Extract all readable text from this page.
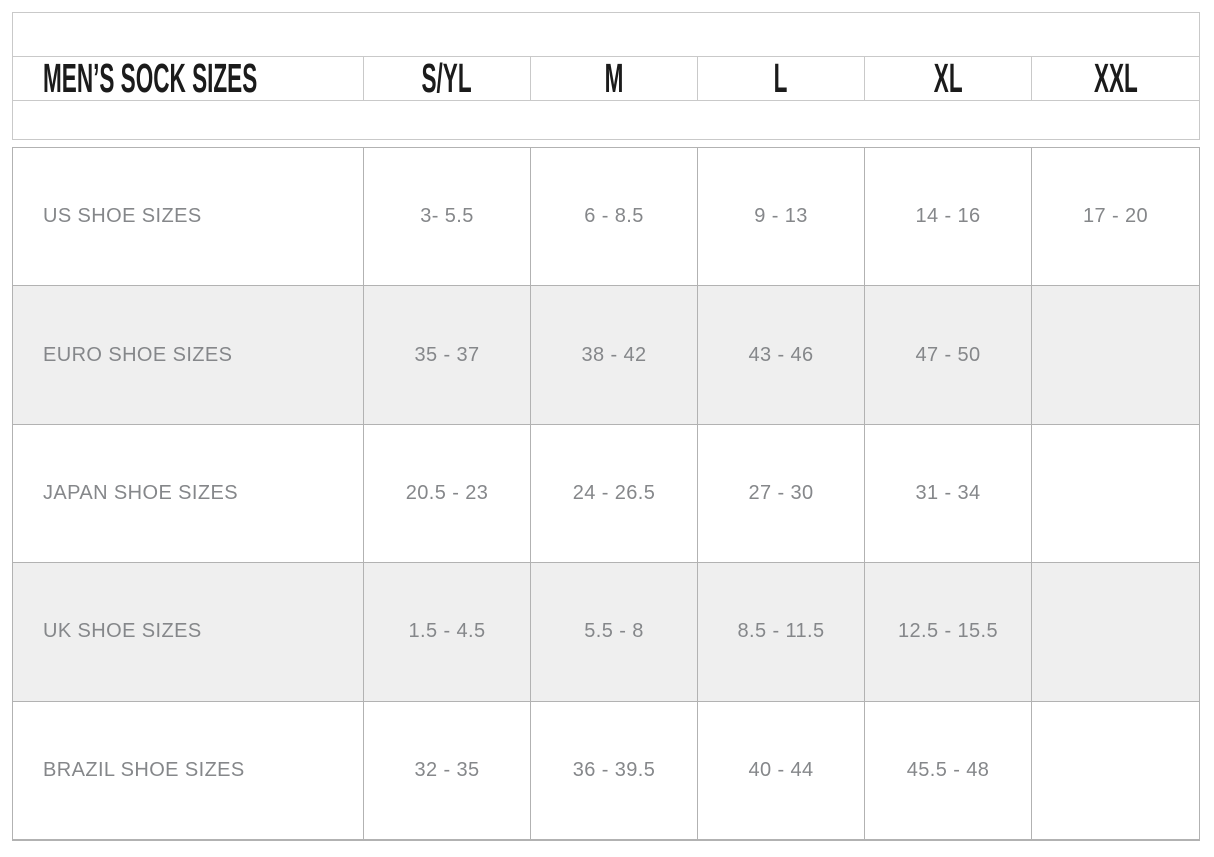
MEN’S SOCK SIZES	S/YL	M	L	XL	XXL
US SHOE SIZES	3- 5.5	6 - 8.5	9 - 13	14 - 16	17 - 20
EURO SHOE SIZES	35 - 37	38 - 42	43 - 46	47 - 50
JAPAN SHOE SIZES	20.5 - 23	24 - 26.5	27 - 30	31 - 34
UK SHOE SIZES	1.5 - 4.5	5.5 - 8	8.5 - 11.5	12.5 - 15.5
BRAZIL SHOE SIZES	32 - 35	36 - 39.5	40 - 44	45.5 - 48
